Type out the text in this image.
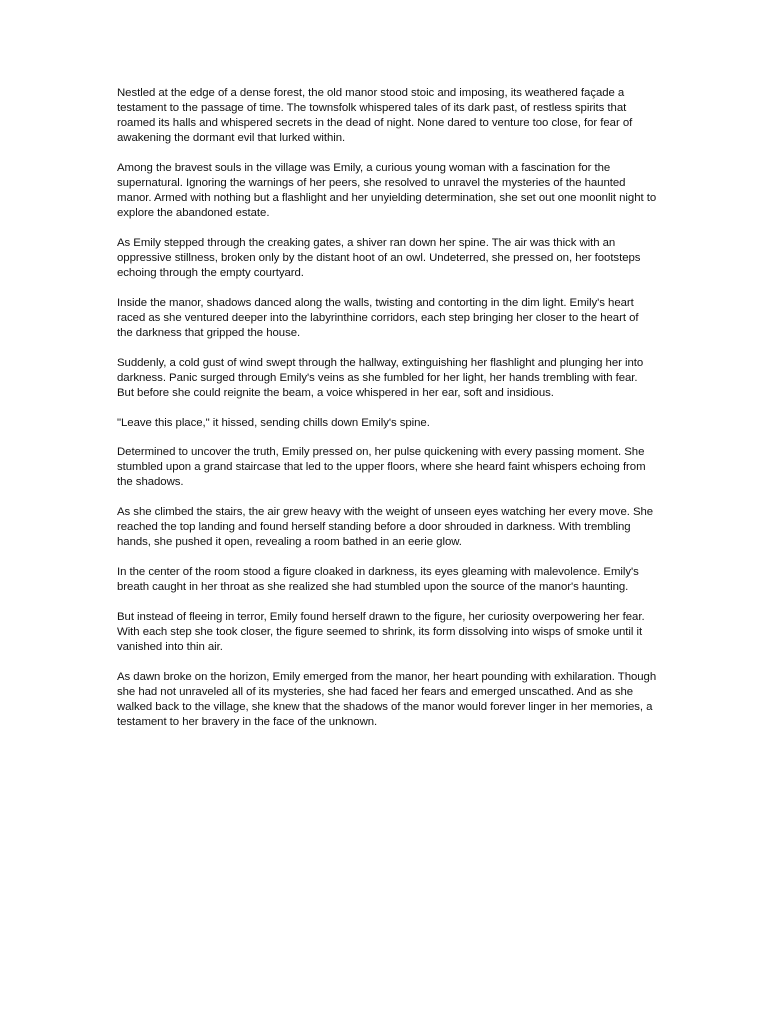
Nestled at the edge of a dense forest, the old manor stood stoic and imposing, its weathered façade a testament to the passage of time. The townsfolk whispered tales of its dark past, of restless spirits that roamed its halls and whispered secrets in the dead of night. None dared to venture too close, for fear of awakening the dormant evil that lurked within.

Among the bravest souls in the village was Emily, a curious young woman with a fascination for the supernatural. Ignoring the warnings of her peers, she resolved to unravel the mysteries of the haunted manor. Armed with nothing but a flashlight and her unyielding determination, she set out one moonlit night to explore the abandoned estate.

As Emily stepped through the creaking gates, a shiver ran down her spine. The air was thick with an oppressive stillness, broken only by the distant hoot of an owl. Undeterred, she pressed on, her footsteps echoing through the empty courtyard.

Inside the manor, shadows danced along the walls, twisting and contorting in the dim light. Emily's heart raced as she ventured deeper into the labyrinthine corridors, each step bringing her closer to the heart of the darkness that gripped the house.

Suddenly, a cold gust of wind swept through the hallway, extinguishing her flashlight and plunging her into darkness. Panic surged through Emily's veins as she fumbled for her light, her hands trembling with fear. But before she could reignite the beam, a voice whispered in her ear, soft and insidious.

"Leave this place," it hissed, sending chills down Emily's spine.

Determined to uncover the truth, Emily pressed on, her pulse quickening with every passing moment. She stumbled upon a grand staircase that led to the upper floors, where she heard faint whispers echoing from the shadows.

As she climbed the stairs, the air grew heavy with the weight of unseen eyes watching her every move. She reached the top landing and found herself standing before a door shrouded in darkness. With trembling hands, she pushed it open, revealing a room bathed in an eerie glow.

In the center of the room stood a figure cloaked in darkness, its eyes gleaming with malevolence. Emily's breath caught in her throat as she realized she had stumbled upon the source of the manor's haunting.

But instead of fleeing in terror, Emily found herself drawn to the figure, her curiosity overpowering her fear. With each step she took closer, the figure seemed to shrink, its form dissolving into wisps of smoke until it vanished into thin air.

As dawn broke on the horizon, Emily emerged from the manor, her heart pounding with exhilaration. Though she had not unraveled all of its mysteries, she had faced her fears and emerged unscathed. And as she walked back to the village, she knew that the shadows of the manor would forever linger in her memories, a testament to her bravery in the face of the unknown.
